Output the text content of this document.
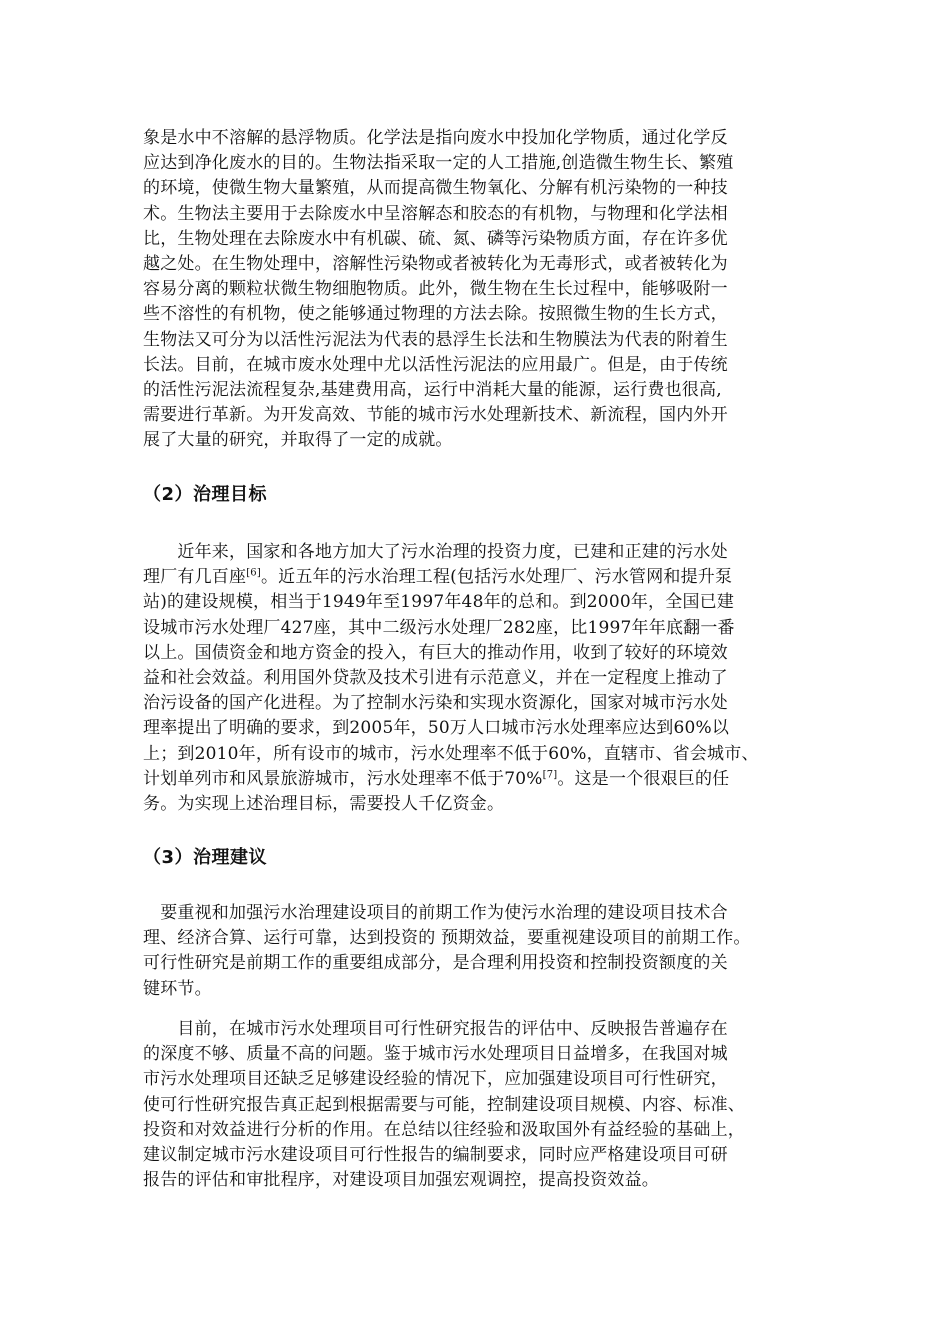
象是水中不溶解的悬浮物质。化学法是指向废水中投加化学物质，通过化学反
应达到净化废水的目的。生物法指采取一定的人工措施,创造微生物生长、繁殖
的环境，使微生物大量繁殖，从而提高微生物氧化、分解有机污染物的一种技
术。生物法主要用于去除废水中呈溶解态和胶态的有机物，与物理和化学法相
比，生物处理在去除废水中有机碳、硫、氮、磷等污染物质方面，存在许多优
越之处。在生物处理中，溶解性污染物或者被转化为无毒形式，或者被转化为
容易分离的颗粒状微生物细胞物质。此外，微生物在生长过程中，能够吸附一
些不溶性的有机物，使之能够通过物理的方法去除。按照微生物的生长方式，
生物法又可分为以活性污泥法为代表的悬浮生长法和生物膜法为代表的附着生
长法。目前，在城市废水处理中尤以活性污泥法的应用最广。但是，由于传统
的活性污泥法流程复杂,基建费用高，运行中消耗大量的能源，运行费也很高,
需要进行革新。为开发高效、节能的城市污水处理新技术、新流程，国内外开
展了大量的研究，并取得了一定的成就。

（2）治理目标

　　近年来，国家和各地方加大了污水治理的投资力度，已建和正建的污水处
理厂有几百座[6]。近五年的污水治理工程(包括污水处理厂、污水管网和提升泵
站)的建设规模，相当于1949年至1997年48年的总和。到2000年，全国已建
设城市污水处理厂427座，其中二级污水处理厂282座，比1997年年底翻一番
以上。国债资金和地方资金的投入，有巨大的推动作用，收到了较好的环境效
益和社会效益。利用国外贷款及技术引进有示范意义，并在一定程度上推动了
治污设备的国产化进程。为了控制水污染和实现水资源化，国家对城市污水处
理率提出了明确的要求，到2005年，50万人口城市污水处理率应达到60%以
上；到2010年，所有设市的城市，污水处理率不低于60%，直辖市、省会城市、
计划单列市和风景旅游城市，污水处理率不低于70%[7]。这是一个很艰巨的任
务。为实现上述治理目标，需要投人千亿资金。

（3）治理建议

　要重视和加强污水治理建设项目的前期工作为使污水治理的建设项目技术合
理、经济合算、运行可靠，达到投资的 预期效益，要重视建设项目的前期工作。
可行性研究是前期工作的重要组成部分，是合理利用投资和控制投资额度的关
键环节。

　　目前，在城市污水处理项目可行性研究报告的评估中、反映报告普遍存在
的深度不够、质量不高的问题。鉴于城市污水处理项目日益增多，在我国对城
市污水处理项目还缺乏足够建设经验的情况下，应加强建设项目可行性研究，
使可行性研究报告真正起到根据需要与可能，控制建设项目规模、内容、标准、
投资和对效益进行分析的作用。在总结以往经验和汲取国外有益经验的基础上，
建议制定城市污水建设项目可行性报告的编制要求，同时应严格建设项目可研
报告的评估和审批程序，对建设项目加强宏观调控，提高投资效益。
